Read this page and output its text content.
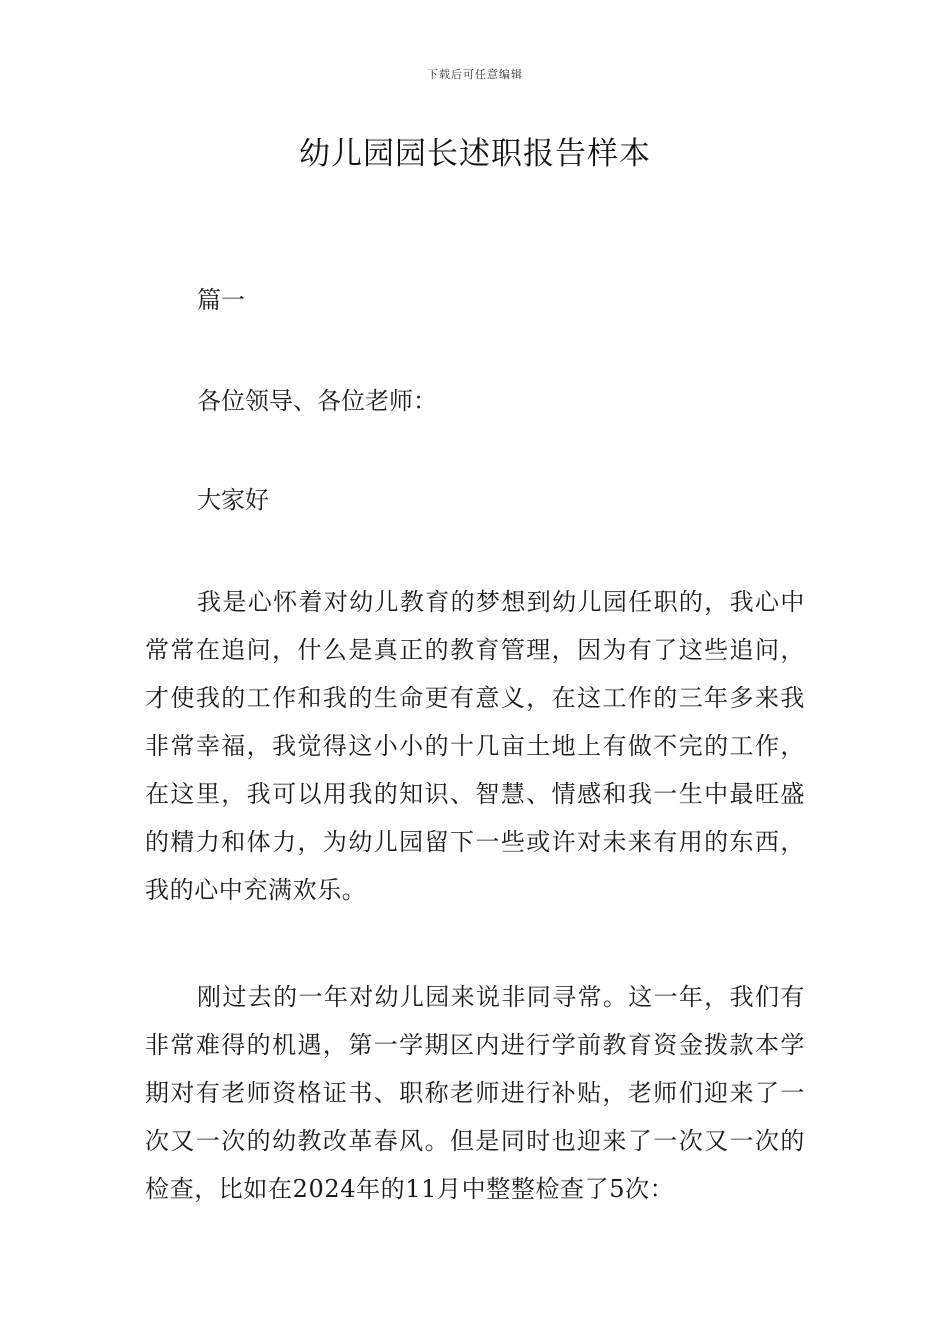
下载后可任意编辑
幼儿园园长述职报告样本
篇一
各位领导、各位老师：
大家好
我是心怀着对幼儿教育的梦想到幼儿园任职的，我心中常常在追问，什么是真正的教育管理，因为有了这些追问，才使我的工作和我的生命更有意义，在这工作的三年多来我非常幸福，我觉得这小小的十几亩土地上有做不完的工作，在这里，我可以用我的知识、智慧、情感和我一生中最旺盛的精力和体力，为幼儿园留下一些或许对未来有用的东西，我的心中充满欢乐。
刚过去的一年对幼儿园来说非同寻常。这一年，我们有非常难得的机遇，第一学期区内进行学前教育资金拨款本学期对有老师资格证书、职称老师进行补贴，老师们迎来了一次又一次的幼教改革春风。但是同时也迎来了一次又一次的检查，比如在2024年的11月中整整检查了5次：
